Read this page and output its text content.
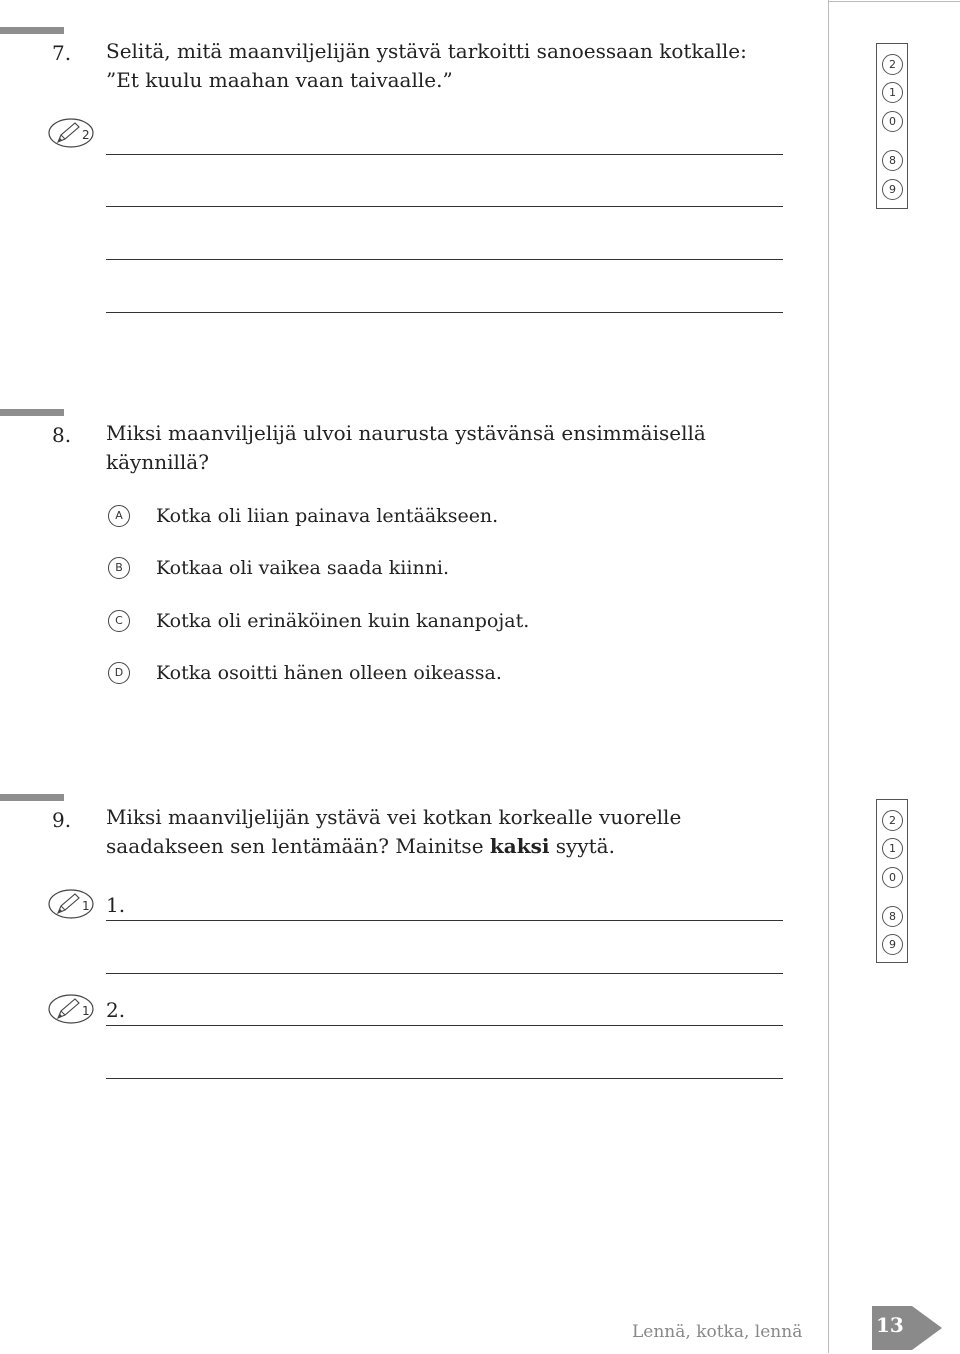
7. Selitä, mitä maanviljelijän ystävä tarkoitti sanoessaan kotkalle:
”Et kuulu maahan vaan taivaalle.”
2
2
1
0
8
9
8. Miksi maanviljelijä ulvoi naurusta ystävänsä ensimmäisellä
käynnillä?
A	Kotka oli liian painava lentääkseen.
B	Kotkaa oli vaikea saada kiinni.
C	Kotka oli erinäköinen kuin kananpojat.
D	Kotka osoitti hänen olleen oikeassa.
9. Miksi maanviljelijän ystävä vei kotkan korkealle vuorelle
saadakseen sen lentämään? Mainitse kaksi syytä.
1 1.
1 2.
2
1
0
8
9
Lennä, kotka, lennä	13
